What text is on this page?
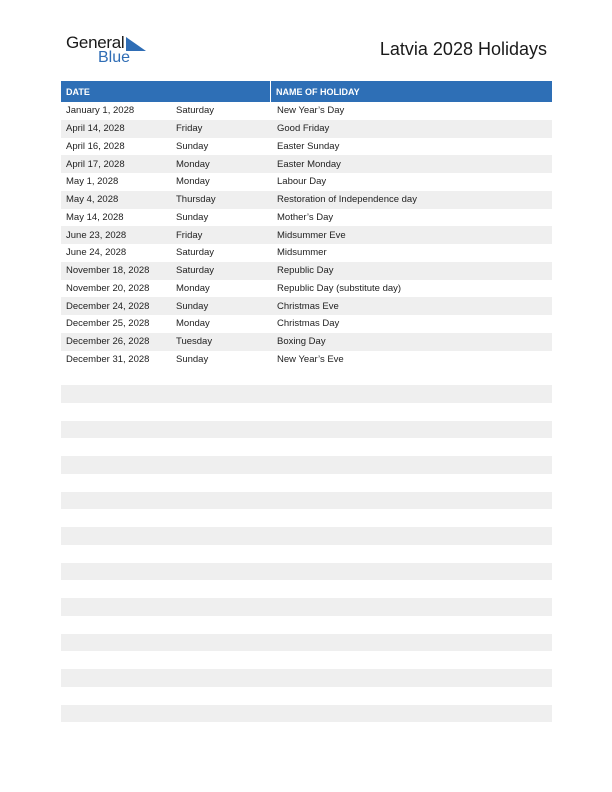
General
Blue	Latvia 2028 Holidays
DATE	NAME OF HOLIDAY
January 1, 2028	Saturday	New Year’s Day
April 14, 2028	Friday	Good Friday
April 16, 2028	Sunday	Easter Sunday
April 17, 2028	Monday	Easter Monday
May 1, 2028	Monday	Labour Day
May 4, 2028	Thursday	Restoration of Independence day
May 14, 2028	Sunday	Mother’s Day
June 23, 2028	Friday	Midsummer Eve
June 24, 2028	Saturday	Midsummer
November 18, 2028	Saturday	Republic Day
November 20, 2028	Monday	Republic Day (substitute day)
December 24, 2028	Sunday	Christmas Eve
December 25, 2028	Monday	Christmas Day
December 26, 2028	Tuesday	Boxing Day
December 31, 2028	Sunday	New Year’s Eve
